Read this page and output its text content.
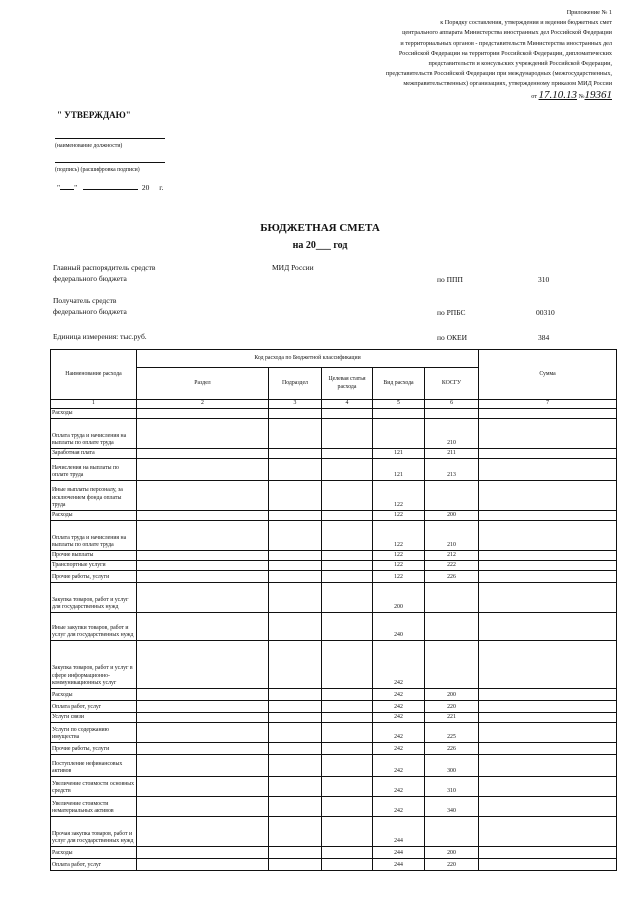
Приложение № 1
к Порядку составления, утверждения и ведения бюджетных смет
центрального аппарата Министерства иностранных дел Российской Федерации
и территориальных органов - представительств Министерства иностранных дел
Российской Федерации на территории Российской Федерации, дипломатических
представительств и консульских учреждений Российской Федерации,
представительств Российской Федерации при международных (межгосударственных,
межправительственных) организациях, утвержденному приказом МИД России
от 17.10.13 №19361
" УТВЕРЖДАЮ"
(наименование должности)
(подпись) (расшифровка подписи)
" "	20 г.
БЮДЖЕТНАЯ СМЕТА
на 20___ год
Главный распорядитель средств
федерального бюджета
МИД России
по ППП	310
Получатель средств
федерального бюджета	по РПБС	00310
Единица измерения: тыс.руб.	по ОКЕИ	384
Наименование расхода	Код расхода по Бюджетной классификации					Сумма
	Раздел	Подраздел	Целевая статья расхода	Вид расхода	КОСГУ	
1	2	3	4	5	6	7
Расходы						
Оплата труда и начисления на выплаты по оплате труда					210	
Заработная плата				121	211	
Начисления на выплаты по оплате труда				121	213	
Иные выплаты персоналу, за исключением фонда оплаты труда				122		
Расходы				122	200	
Оплата труда и начисления на выплаты по оплате труда				122	210	
Прочие выплаты				122	212	
Транспортные услуги				122	222	
Прочие работы, услуги				122	226	
Закупка товаров, работ и услуг для государственных нужд				200		
Иные закупки товаров, работ и услуг для государственных нужд				240		
Закупка товаров, работ и услуг в сфере информационно-коммуникационных услуг				242		
Расходы				242	200	
Оплата работ, услуг				242	220	
Услуги связи				242	221	
Услуги по содержанию имущества				242	225	
Прочие работы, услуги				242	226	
Поступление нефинансовых активов				242	300	
Увеличение стоимости основных средств				242	310	
Увеличение стоимости нематериальных активов				242	340	
Прочая закупка товаров, работ и услуг для государственных нужд				244		
Расходы				244	200	
Оплата работ, услуг				244	220	
